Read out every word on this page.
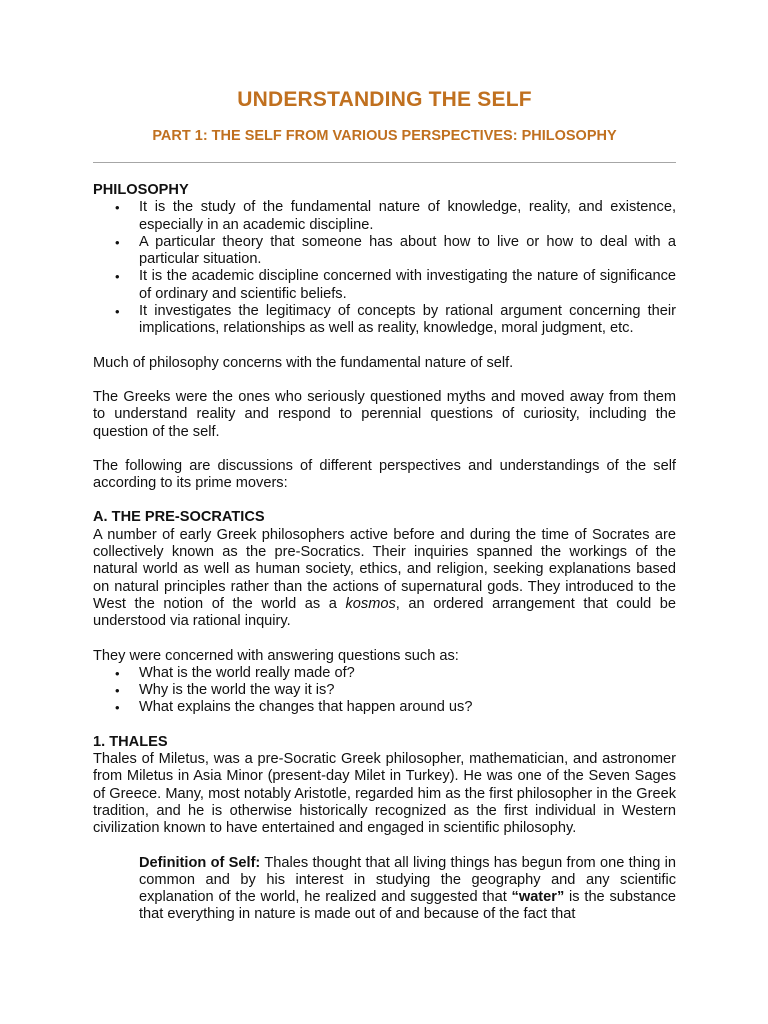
UNDERSTANDING THE SELF
PART 1: THE SELF FROM VARIOUS PERSPECTIVES: PHILOSOPHY
PHILOSOPHY
• It is the study of the fundamental nature of knowledge, reality, and existence, especially in an academic discipline.
• A particular theory that someone has about how to live or how to deal with a particular situation.
• It is the academic discipline concerned with investigating the nature of significance of ordinary and scientific beliefs.
• It investigates the legitimacy of concepts by rational argument concerning their implications, relationships as well as reality, knowledge, moral judgment, etc.

Much of philosophy concerns with the fundamental nature of self.

The Greeks were the ones who seriously questioned myths and moved away from them to understand reality and respond to perennial questions of curiosity, including the question of the self.

The following are discussions of different perspectives and understandings of the self according to its prime movers:

A. THE PRE-SOCRATICS

A number of early Greek philosophers active before and during the time of Socrates are collectively known as the pre-Socratics. Their inquiries spanned the workings of the natural world as well as human society, ethics, and religion, seeking explanations based on natural principles rather than the actions of supernatural gods. They introduced to the West the notion of the world as a kosmos, an ordered arrangement that could be understood via rational inquiry.

They were concerned with answering questions such as:

• What is the world really made of?
• Why is the world the way it is?
• What explains the changes that happen around us?
1. THALES

Thales of Miletus, was a pre-Socratic Greek philosopher, mathematician, and astronomer from Miletus in Asia Minor (present-day Milet in Turkey). He was one of the Seven Sages of Greece. Many, most notably Aristotle, regarded him as the first philosopher in the Greek tradition, and he is otherwise historically recognized as the first individual in Western civilization known to have entertained and engaged in scientific philosophy.

Definition of Self: Thales thought that all living things has begun from one thing in common and by his interest in studying the geography and any scientific explanation of the world, he realized and suggested that “water” is the substance that everything in nature is made out of and because of the fact that
